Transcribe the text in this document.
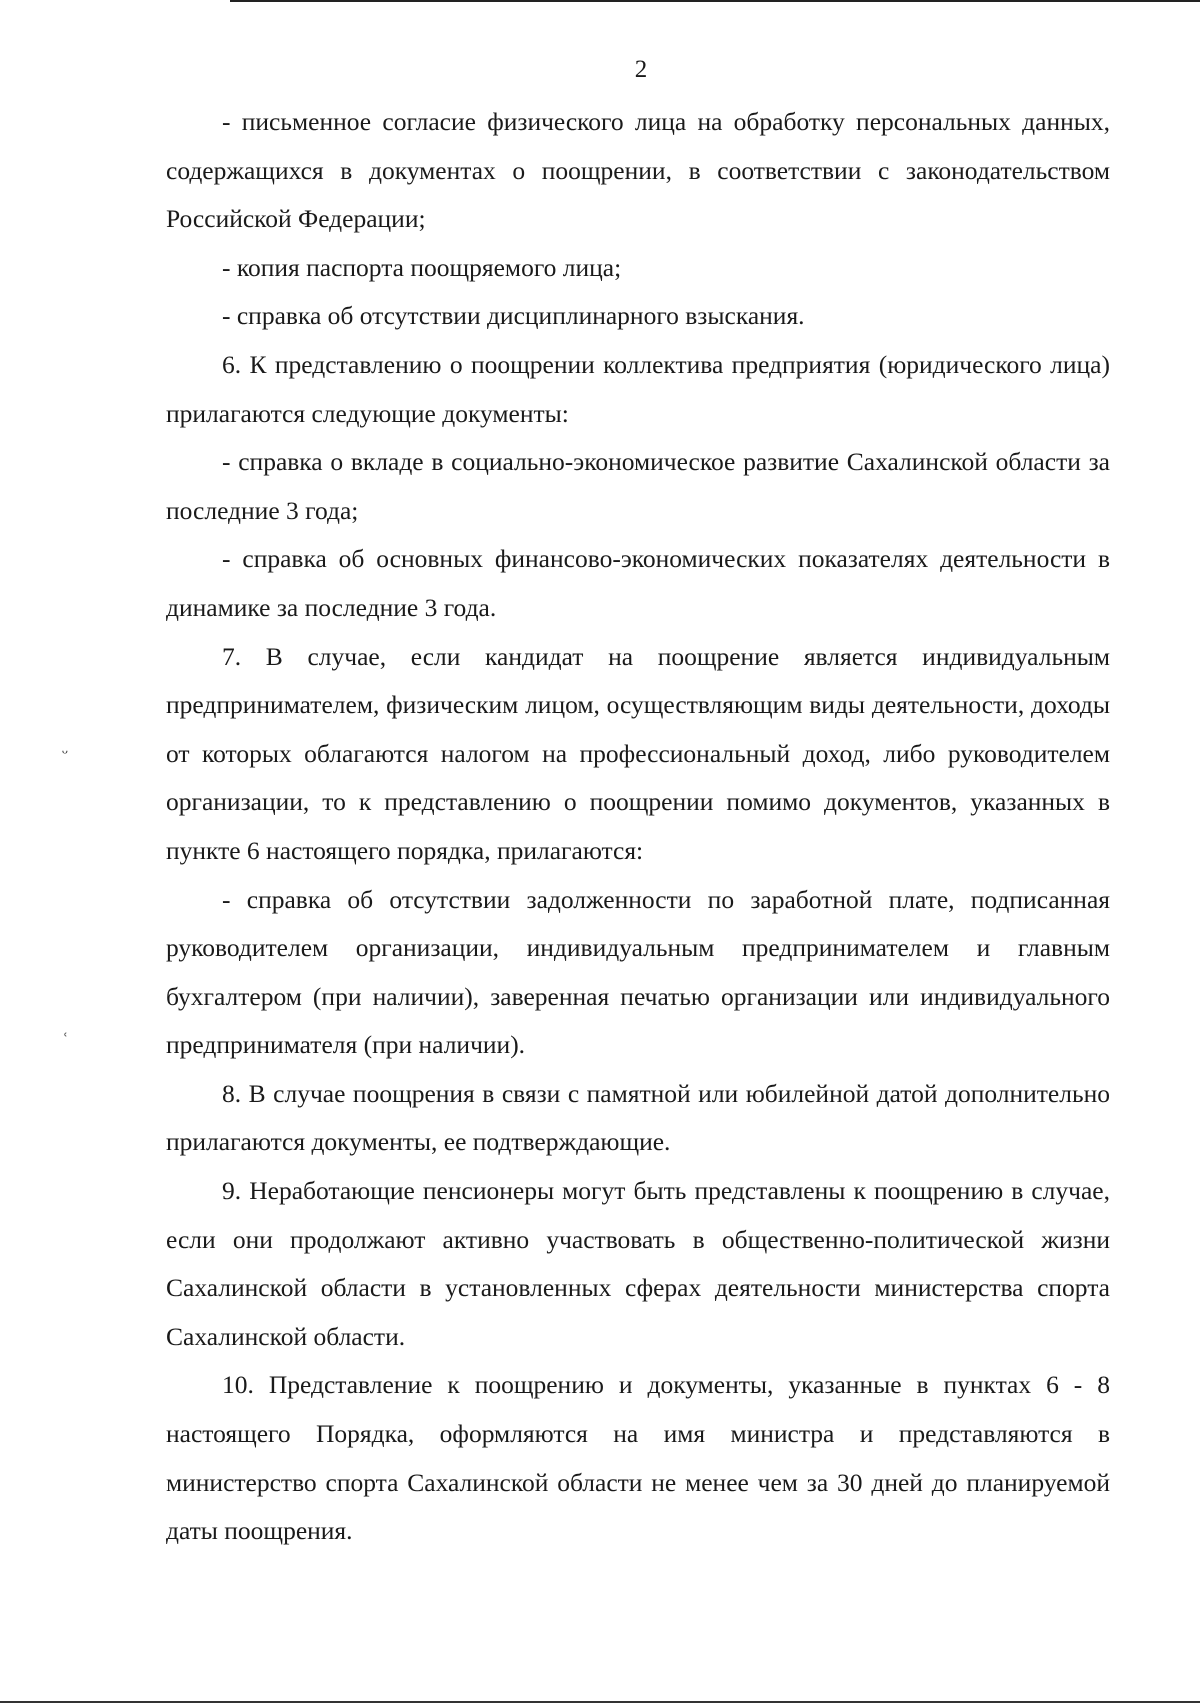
2

- письменное согласие физического лица на обработку персональных данных, содержащихся в документах о поощрении, в соответствии с законодательством Российской Федерации;

- копия паспорта поощряемого лица;

- справка об отсутствии дисциплинарного взыскания.

6. К представлению о поощрении коллектива предприятия (юридического лица) прилагаются следующие документы:

- справка о вкладе в социально-экономическое развитие Сахалинской области за последние 3 года;

- справка об основных финансово-экономических показателях деятельности в динамике за последние 3 года.

7. В случае, если кандидат на поощрение является индивидуальным предпринимателем, физическим лицом, осуществляющим виды деятельности, доходы от которых облагаются налогом на профессиональный доход, либо руководителем организации, то к представлению о поощрении помимо документов, указанных в пункте 6 настоящего порядка, прилагаются:

- справка об отсутствии задолженности по заработной плате, подписанная руководителем организации, индивидуальным предпринимателем и главным бухгалтером (при наличии), заверенная печатью организации или индивидуального предпринимателя (при наличии).

8. В случае поощрения в связи с памятной или юбилейной датой дополнительно прилагаются документы, ее подтверждающие.

9. Неработающие пенсионеры могут быть представлены к поощрению в случае, если они продолжают активно участвовать в общественно-политической жизни Сахалинской области в установленных сферах деятельности министерства спорта Сахалинской области.

10. Представление к поощрению и документы, указанные в пунктах 6 - 8 настоящего Порядка, оформляются на имя министра и представляются в министерство спорта Сахалинской области не менее чем за 30 дней до планируемой даты поощрения.

ᵕ
ʿ
